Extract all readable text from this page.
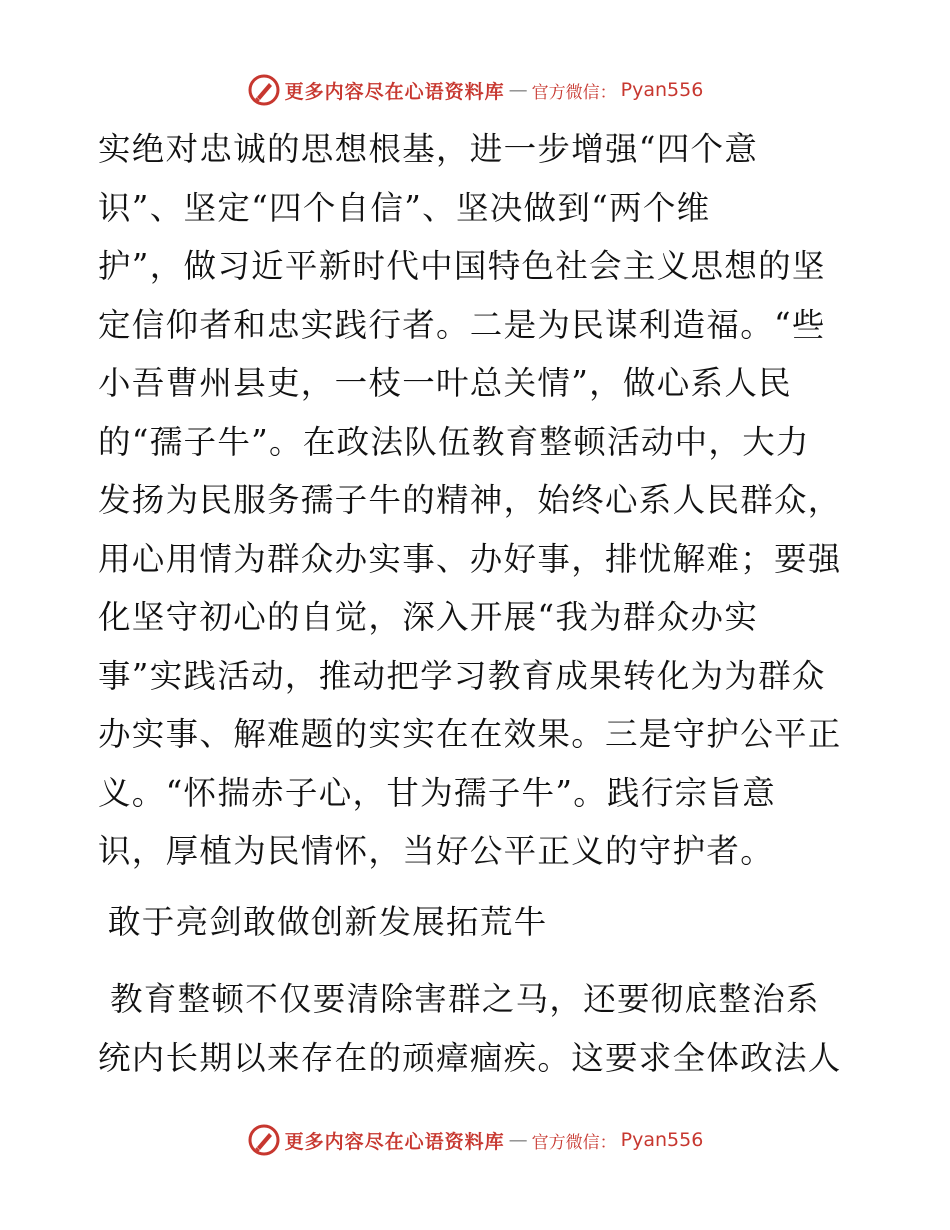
更多内容尽在心语资料库 — 官方微信： Pyan556
实绝对忠诚的思想根基，进一步增强“四个意
识”、坚定“四个自信”、坚决做到“两个维
护”，做习近平新时代中国特色社会主义思想的坚
定信仰者和忠实践行者。二是为民谋利造福。“些
小吾曹州县吏，一枝一叶总关情”，做心系人民
的“孺子牛”。在政法队伍教育整顿活动中，大力
发扬为民服务孺子牛的精神，始终心系人民群众，
用心用情为群众办实事、办好事，排忧解难；要强
化坚守初心的自觉，深入开展“我为群众办实
事”实践活动，推动把学习教育成果转化为为群众
办实事、解难题的实实在在效果。三是守护公平正
义。“怀揣赤子心，甘为孺子牛”。践行宗旨意
识，厚植为民情怀，当好公平正义的守护者。
敢于亮剑敢做创新发展拓荒牛
教育整顿不仅要清除害群之马，还要彻底整治系
统内长期以来存在的顽瘴痼疾。这要求全体政法人
更多内容尽在心语资料库 — 官方微信： Pyan556
